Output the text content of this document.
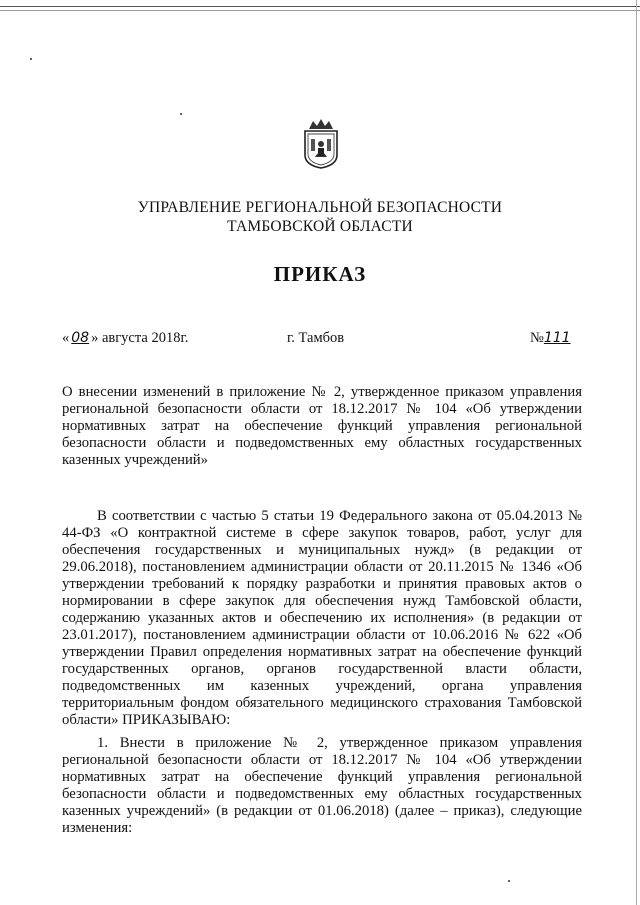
УПРАВЛЕНИЕ РЕГИОНАЛЬНОЙ БЕЗОПАСНОСТИ
ТАМБОВСКОЙ ОБЛАСТИ
ПРИКАЗ
« 08 » августа 2018г.	г. Тамбов	№111
О внесении изменений в приложение № 2, утвержденное приказом управления региональной безопасности области от 18.12.2017 № 104 «Об утверждении нормативных затрат на обеспечение функций управления региональной безопасности области и подведомственных ему областных государственных казенных учреждений»
В соответствии с частью 5 статьи 19 Федерального закона от 05.04.2013 № 44-ФЗ «О контрактной системе в сфере закупок товаров, работ, услуг для обеспечения государственных и муниципальных нужд» (в редакции от 29.06.2018), постановлением администрации области от 20.11.2015 № 1346 «Об утверждении требований к порядку разработки и принятия правовых актов о нормировании в сфере закупок для обеспечения нужд Тамбовской области, содержанию указанных актов и обеспечению их исполнения» (в редакции от 23.01.2017), постановлением администрации области от 10.06.2016 № 622 «Об утверждении Правил определения нормативных затрат на обеспечение функций государственных органов, органов государственной власти области, подведомственных им казенных учреждений, органа управления территориальным фондом обязательного медицинского страхования Тамбовской области» ПРИКАЗЫВАЮ:
1. Внести в приложение № 2, утвержденное приказом управления региональной безопасности области от 18.12.2017 № 104 «Об утверждении нормативных затрат на обеспечение функций управления региональной безопасности области и подведомственных ему областных государственных казенных учреждений» (в редакции от 01.06.2018) (далее – приказ), следующие изменения:
